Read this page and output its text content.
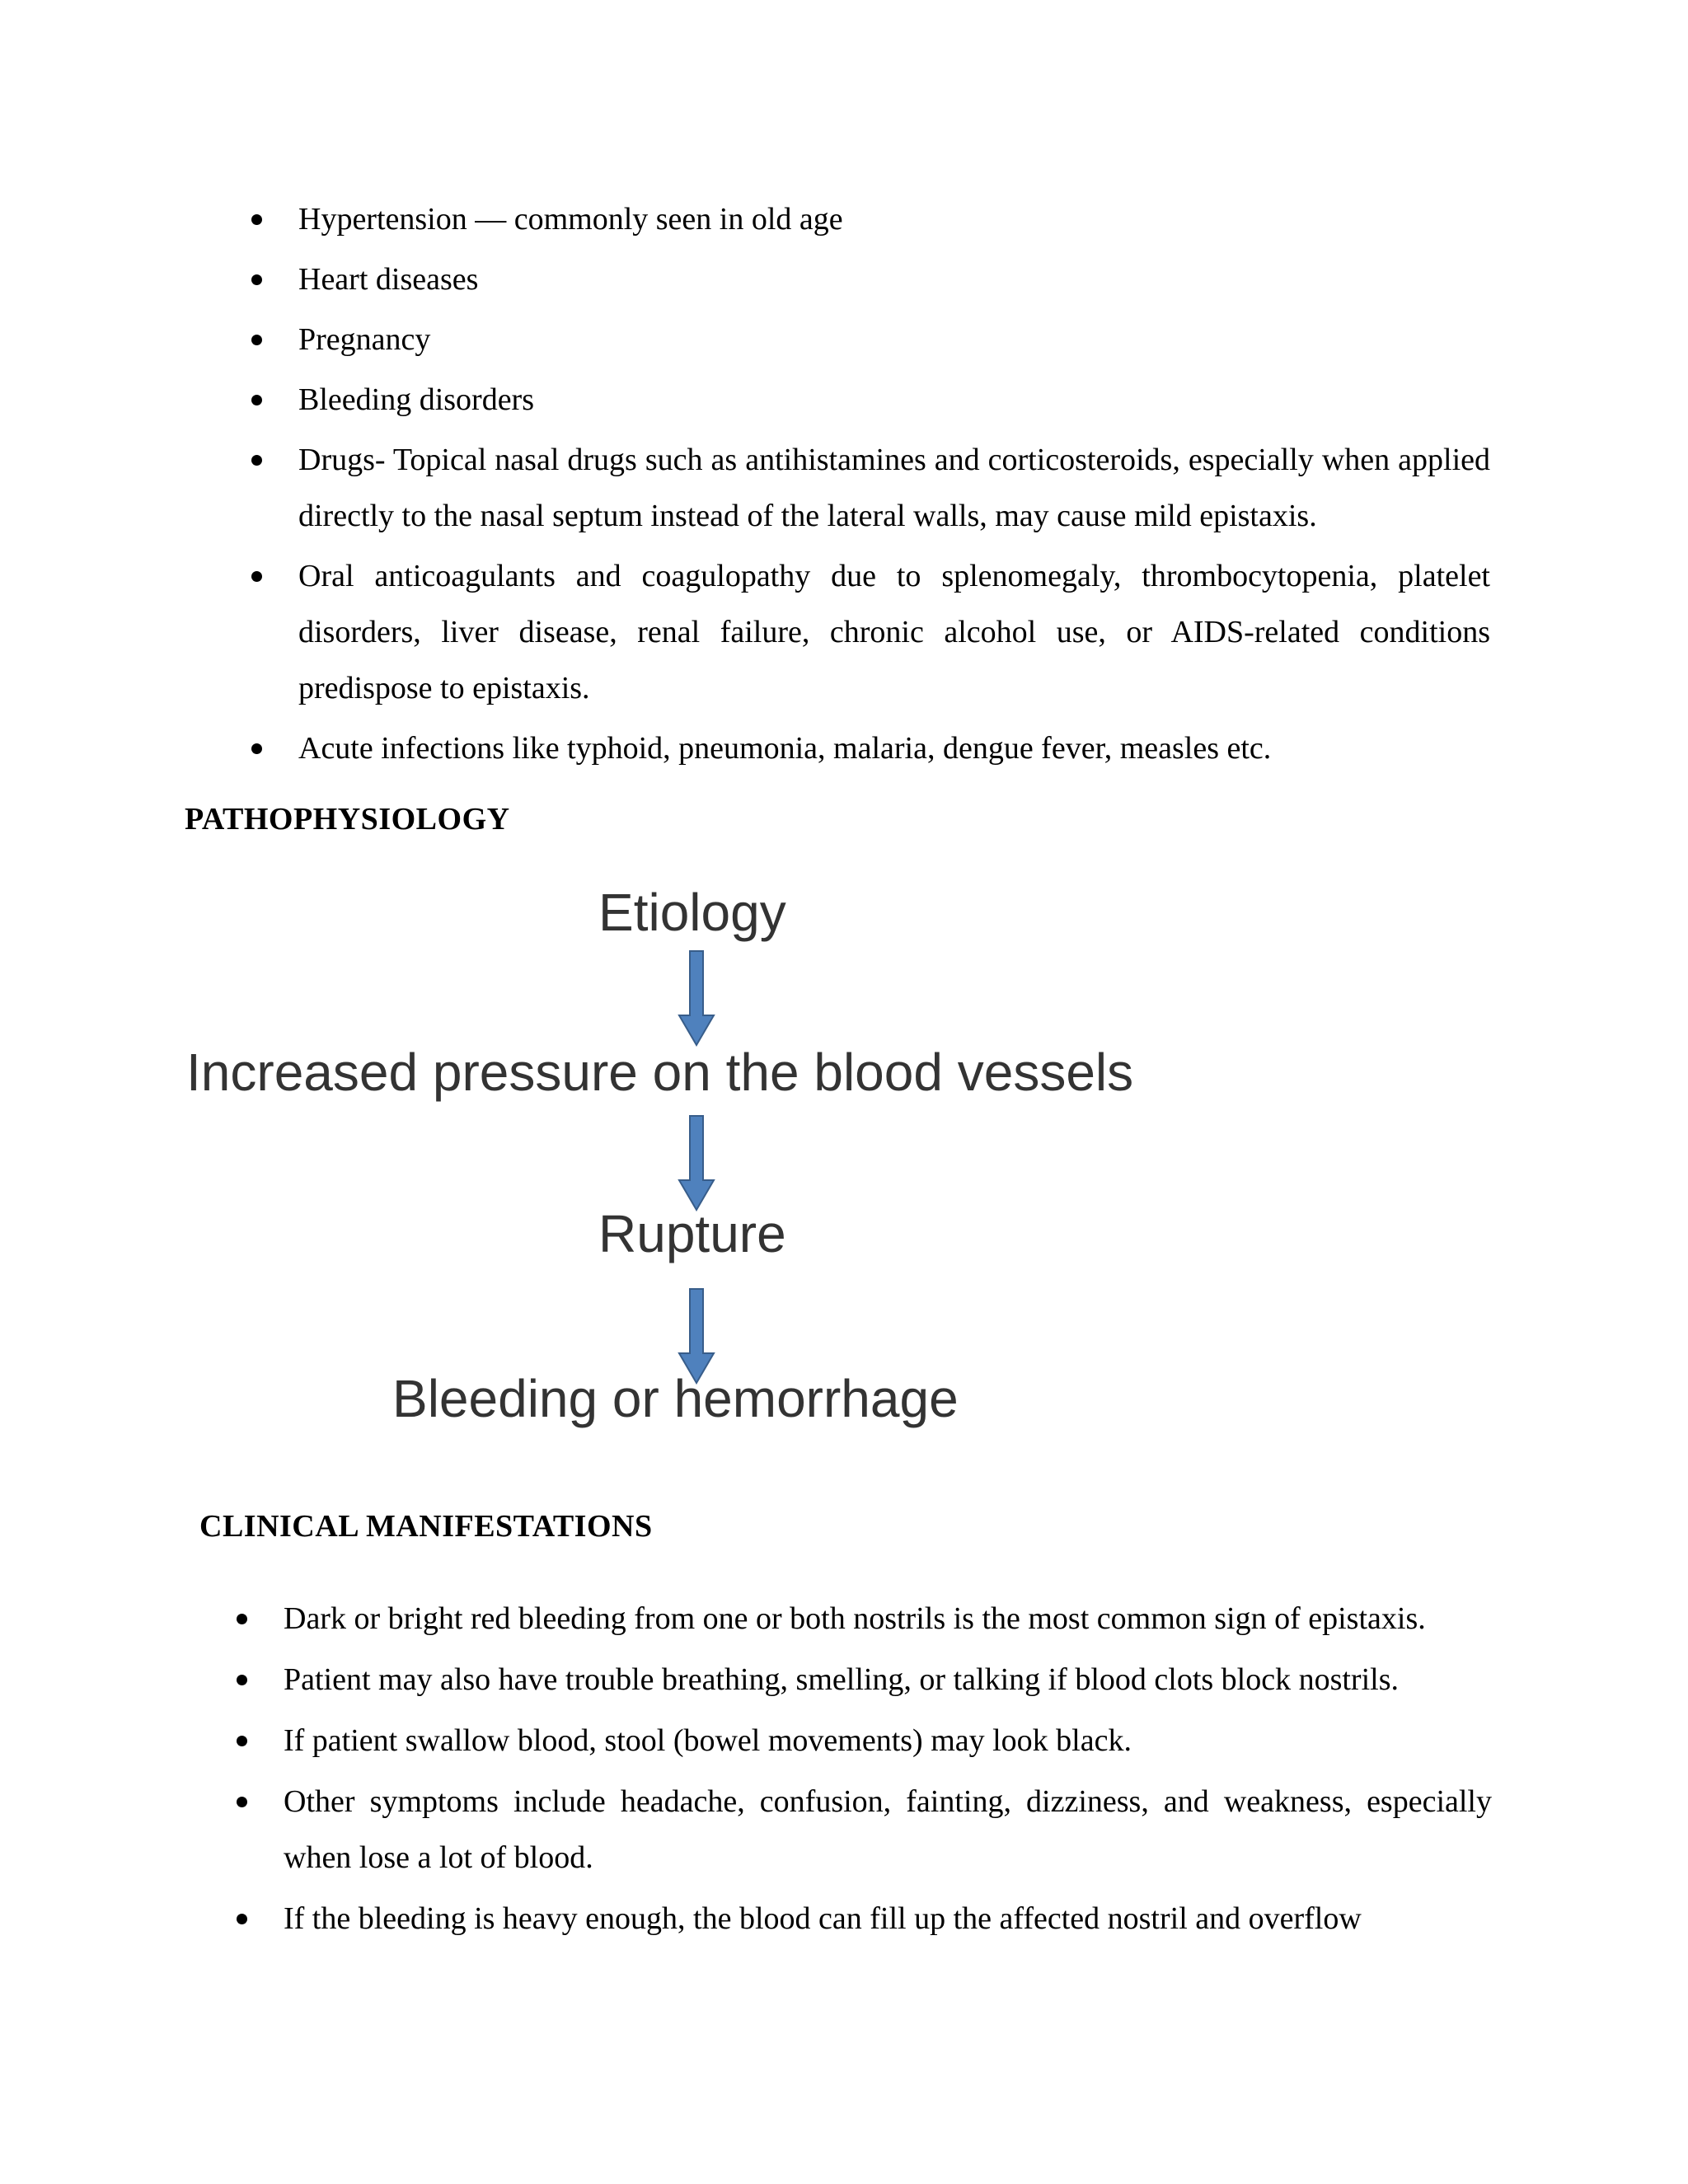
Hypertension — commonly seen in old age
Heart diseases
Pregnancy
Bleeding disorders
Drugs- Topical nasal drugs such as antihistamines and corticosteroids, especially when applied directly to the nasal septum instead of the lateral walls, may cause mild epistaxis.
Oral anticoagulants and coagulopathy due to splenomegaly, thrombocytopenia, platelet disorders, liver disease, renal failure, chronic alcohol use, or AIDS-related conditions predispose to epistaxis.
Acute infections like typhoid, pneumonia, malaria, dengue fever, measles etc.
PATHOPHYSIOLOGY
Etiology
Increased pressure on the blood vessels
Rupture
Bleeding or hemorrhage
CLINICAL MANIFESTATIONS
Dark or bright red bleeding from one or both nostrils is the most common sign of epistaxis.
Patient may also have trouble breathing, smelling, or talking if blood clots block nostrils.
If patient swallow blood, stool (bowel movements) may look black.
Other symptoms include headache, confusion, fainting, dizziness, and weakness, especially when lose a lot of blood.
If the bleeding is heavy enough, the blood can fill up the affected nostril and overflow
